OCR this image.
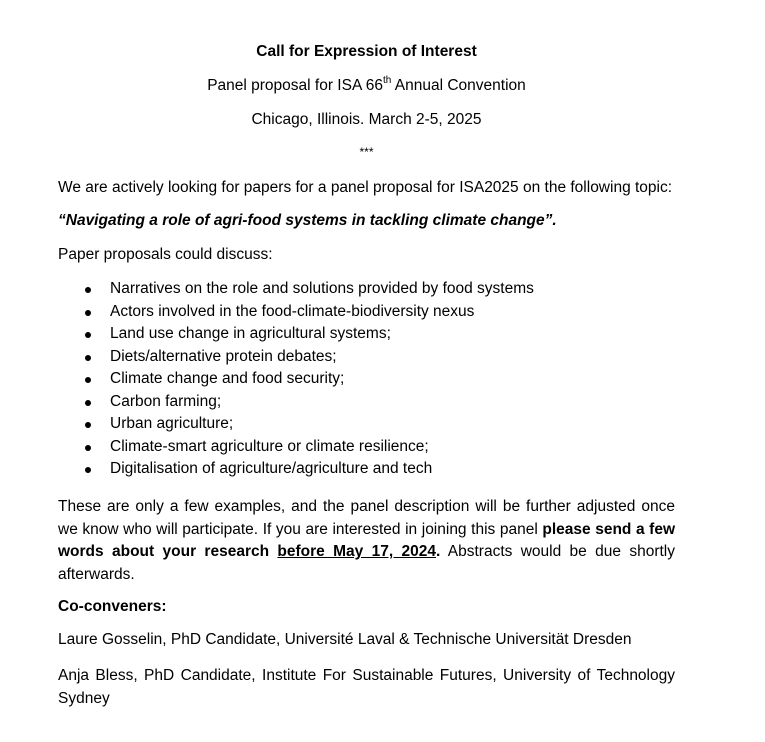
Call for Expression of Interest
Panel proposal for ISA 66th Annual Convention
Chicago, Illinois. March 2-5, 2025
***
We are actively looking for papers for a panel proposal for ISA2025 on the following topic:
“Navigating a role of agri-food systems in tackling climate change”.
Paper proposals could discuss:
Narratives on the role and solutions provided by food systems
Actors involved in the food-climate-biodiversity nexus
Land use change in agricultural systems;
Diets/alternative protein debates;
Climate change and food security;
Carbon farming;
Urban agriculture;
Climate-smart agriculture or climate resilience;
Digitalisation of agriculture/agriculture and tech
These are only a few examples, and the panel description will be further adjusted once we know who will participate. If you are interested in joining this panel please send a few words about your research before May 17, 2024. Abstracts would be due shortly afterwards.
Co-conveners:
Laure Gosselin, PhD Candidate, Université Laval & Technische Universität Dresden
Anja Bless, PhD Candidate, Institute For Sustainable Futures, University of Technology Sydney
